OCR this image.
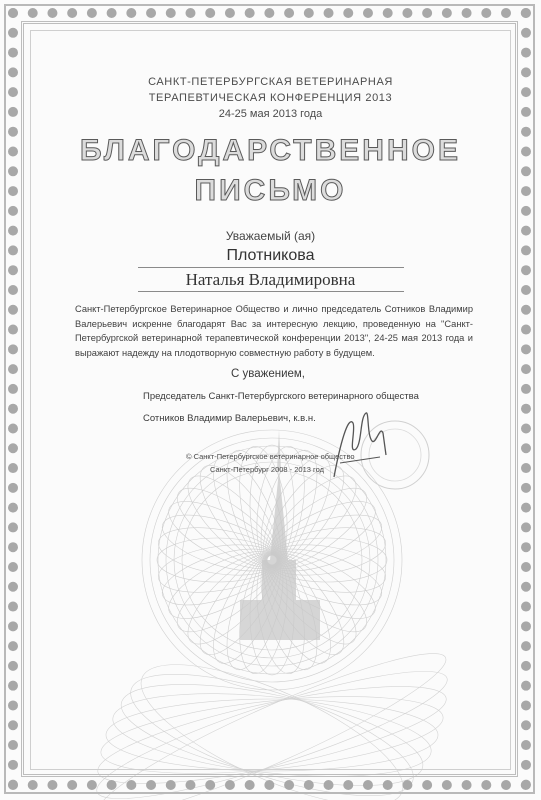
САНКТ-ПЕТЕРБУРГСКАЯ ВЕТЕРИНАРНАЯ
ТЕРАПЕВТИЧЕСКАЯ КОНФЕРЕНЦИЯ 2013
24-25 мая 2013 года
БЛАГОДАРСТВЕННОЕ
ПИСЬМО
Уважаемый (ая)
Плотникова
Наталья Владимировна
Санкт-Петербургское Ветеринарное Общество и лично председатель Сотников Владимир Валерьевич искренне благодарят Вас за интересную лекцию, проведенную на "Санкт-Петербургской ветеринарной терапевтической конференции 2013", 24-25 мая 2013 года и выражают надежду на плодотворную совместную работу в будущем.
С уважением,
Председатель Санкт-Петербургского ветеринарного общества
Сотников Владимир Валерьевич, к.в.н.
© Санкт-Петербургское ветеринарное общество
Санкт-Петербург 2008 - 2013 год
